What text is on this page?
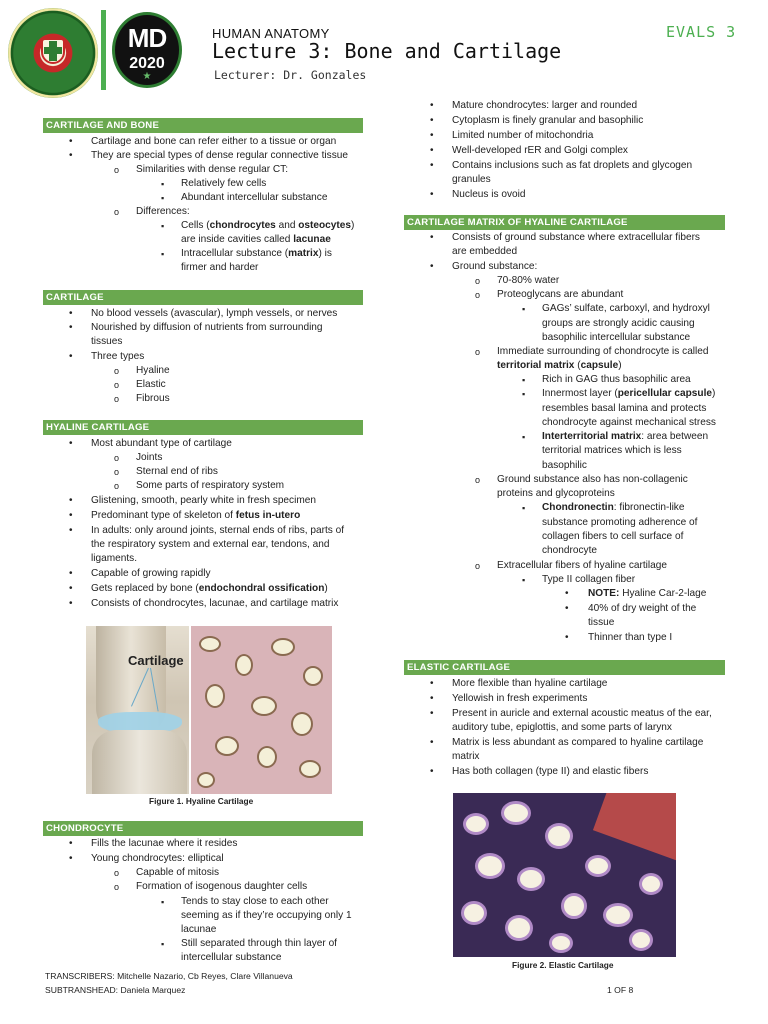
MD
2020
★
HUMAN ANATOMY
Lecture 3: Bone and Cartilage
Lecturer: Dr. Gonzales
EVALS 3
CARTILAGE AND BONE
• Cartilage and bone can refer either to a tissue or organ
• They are special types of dense regular connective tissue
o Similarities with dense regular CT:
▪ Relatively few cells
▪ Abundant intercellular substance
o Differences:
▪ Cells (chondrocytes and osteocytes)
are inside cavities called lacunae
▪ Intracellular substance (matrix) is
firmer and harder
CARTILAGE
• No blood vessels (avascular), lymph vessels, or nerves
• Nourished by diffusion of nutrients from surrounding
tissues
• Three types
o Hyaline
o Elastic
o Fibrous
HYALINE CARTILAGE
• Most abundant type of cartilage
o Joints
o Sternal end of ribs
o Some parts of respiratory system
• Glistening, smooth, pearly white in fresh specimen
• Predominant type of skeleton of fetus in-utero
• In adults: only around joints, sternal ends of ribs, parts of
the respiratory system and external ear, tendons, and
ligaments.
• Capable of growing rapidly
• Gets replaced by bone (endochondral ossification)
• Consists of chondrocytes, lacunae, and cartilage matrix
Cartilage
Figure 1. Hyaline Cartilage
CHONDROCYTE
• Fills the lacunae where it resides
• Young chondrocytes: elliptical
o Capable of mitosis
o Formation of isogenous daughter cells
▪ Tends to stay close to each other
seeming as if they’re occupying only 1
lacunae
▪ Still separated through thin layer of
intercellular substance
• Mature chondrocytes: larger and rounded
• Cytoplasm is finely granular and basophilic
• Limited number of mitochondria
• Well-developed rER and Golgi complex
• Contains inclusions such as fat droplets and glycogen
granules
• Nucleus is ovoid
CARTILAGE MATRIX OF HYALINE CARTILAGE
• Consists of ground substance where extracellular fibers
are embedded
• Ground substance:
o 70-80% water
o Proteoglycans are abundant
▪ GAGs’ sulfate, carboxyl, and hydroxyl
groups are strongly acidic causing
basophilic intercellular substance
o Immediate surrounding of chondrocyte is called
territorial matrix (capsule)
▪ Rich in GAG thus basophilic area
▪ Innermost layer (pericellular capsule)
resembles basal lamina and protects
chondrocyte against mechanical stress
▪ Interterritorial matrix: area between
territorial matrices which is less
basophilic
o Ground substance also has non-collagenic
proteins and glycoproteins
▪ Chondronectin: fibronectin-like
substance promoting adherence of
collagen fibers to cell surface of
chondrocyte
o Extracellular fibers of hyaline cartilage
▪ Type II collagen fiber
• NOTE: Hyaline Car-2-lage
• 40% of dry weight of the
tissue
• Thinner than type I
ELASTIC CARTILAGE
• More flexible than hyaline cartilage
• Yellowish in fresh experiments
• Present in auricle and external acoustic meatus of the ear,
auditory tube, epiglottis, and some parts of larynx
• Matrix is less abundant as compared to hyaline cartilage
matrix
• Has both collagen (type II) and elastic fibers
Figure 2. Elastic Cartilage
TRANSCRIBERS: Mitchelle Nazario, Cb Reyes, Clare Villanueva
SUBTRANSHEAD: Daniela Marquez	1 OF 8
